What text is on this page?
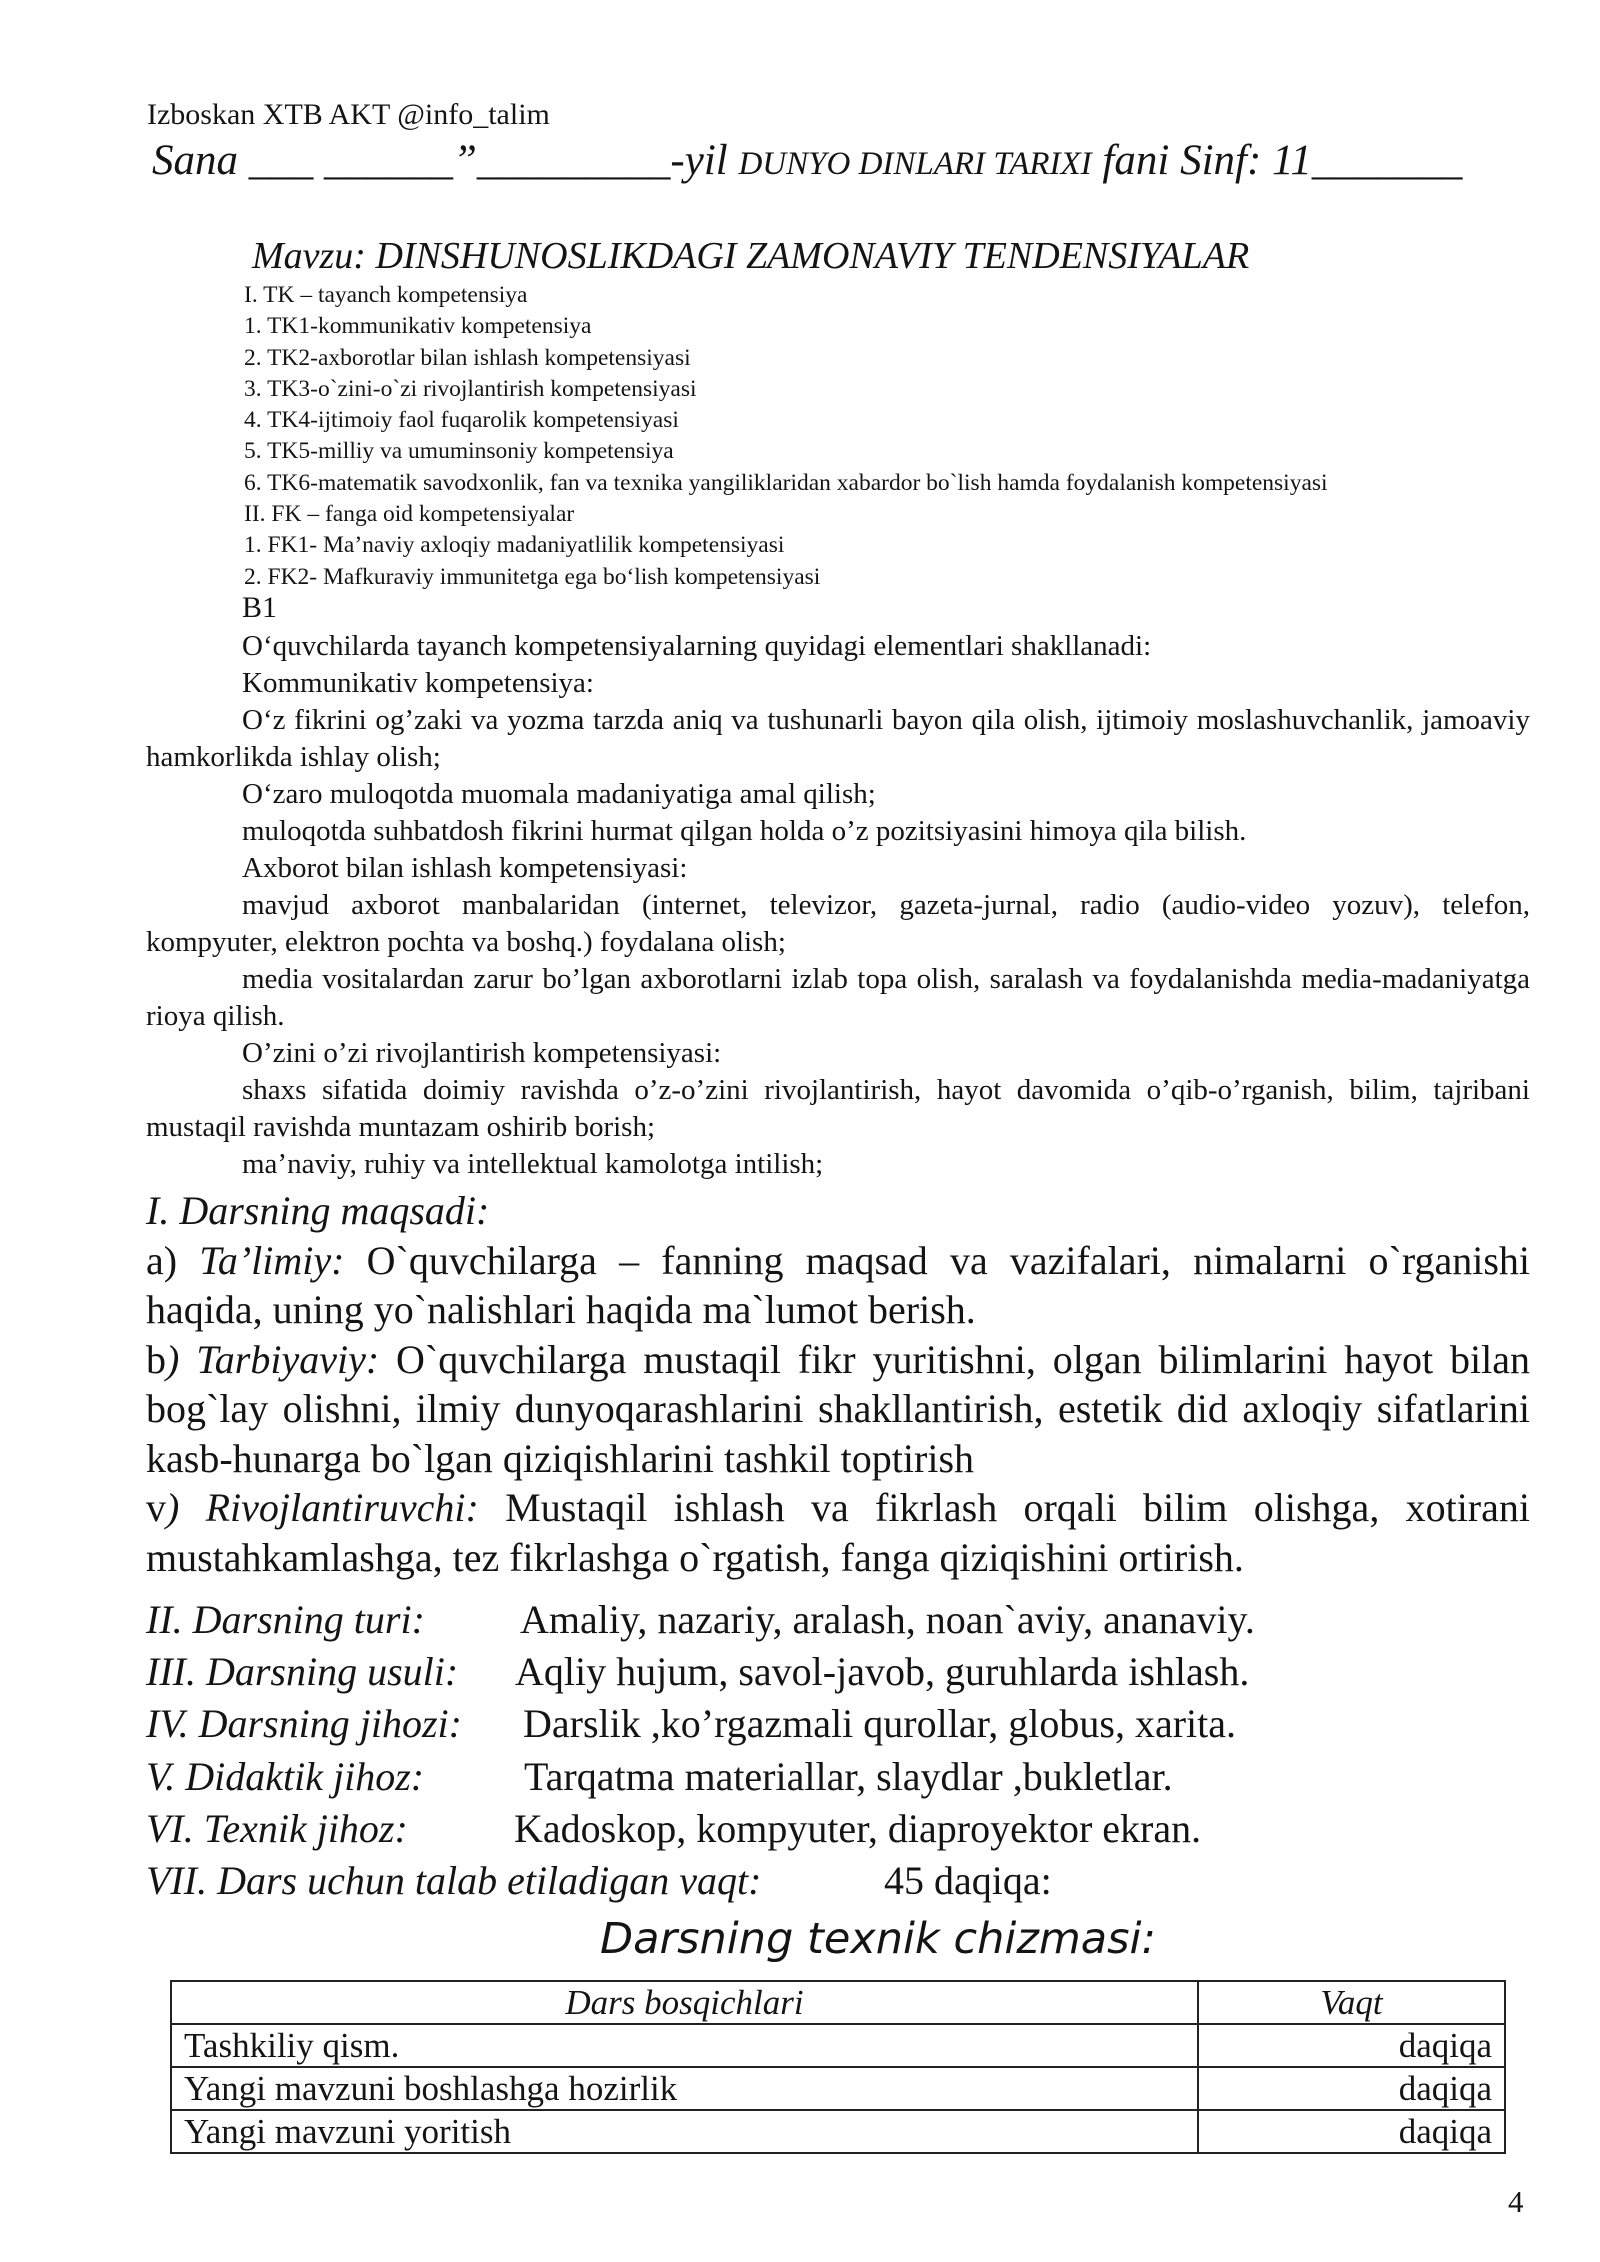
Izboskan XTB AKT @info_talim
Sana ___ ______”_________-yil DUNYO DINLARI TARIXI fani Sinf: 11_______
Mavzu: DINSHUNOSLIKDAGI ZAMONAVIY TENDENSIYALAR
I. TK – tayanch kompetensiya
1. TK1-kommunikativ kompetensiya
2. TK2-axborotlar bilan ishlash kompetensiyasi
3. TK3-o`zini-o`zi rivojlantirish kompetensiyasi
4. TK4-ijtimoiy faol fuqarolik kompetensiyasi
5. TK5-milliy va umuminsoniy kompetensiya
6. TK6-matematik savodxonlik, fan va texnika yangiliklaridan xabardor bo`lish hamda foydalanish kompetensiyasi
II. FK – fanga oid kompetensiyalar
1. FK1- Ma’naviy axloqiy madaniyatlilik kompetensiyasi
2. FK2- Mafkuraviy immunitetga ega bo‘lish kompetensiyasi
B1

O‘quvchilarda tayanch kompetensiyalarning quyidagi elementlari shakllanadi:

Kommunikativ kompetensiya:

O‘z fikrini og’zaki va yozma tarzda aniq va tushunarli bayon qila olish, ijtimoiy moslashuvchanlik, jamoaviy hamkorlikda ishlay olish;

O‘zaro muloqotda muomala madaniyatiga amal qilish;

muloqotda suhbatdosh fikrini hurmat qilgan holda o’z pozitsiyasini himoya qila bilish.

Axborot bilan ishlash kompetensiyasi:

mavjud axborot manbalaridan (internet, televizor, gazeta-jurnal, radio (audio-video yozuv), telefon, kompyuter, elektron pochta va boshq.) foydalana olish;

media vositalardan zarur bo’lgan axborotlarni izlab topa olish, saralash va foydalanishda media-madaniyatga rioya qilish.

O’zini o’zi rivojlantirish kompetensiyasi:

shaxs sifatida doimiy ravishda o’z-o’zini rivojlantirish, hayot davomida o’qib-o’rganish, bilim, tajribani mustaqil ravishda muntazam oshirib borish;

ma’naviy, ruhiy va intellektual kamolotga intilish;

I. Darsning maqsadi:

a) Ta’limiy: O`quvchilarga – fanning maqsad va vazifalari, nimalarni o`rganishi haqida, uning yo`nalishlari haqida ma`lumot berish.

b) Tarbiyaviy: O`quvchilarga mustaqil fikr yuritishni, olgan bilimlarini hayot bilan bog`lay olishni, ilmiy dunyoqarashlarini shakllantirish, estetik did axloqiy sifatlarini kasb-hunarga bo`lgan qiziqishlarini tashkil toptirish

v) Rivojlantiruvchi: Mustaqil ishlash va fikrlash orqali bilim olishga, xotirani mustahkamlashga, tez fikrlashga o`rgatish, fanga qiziqishini ortirish.

II. Darsning turi: Amaliy, nazariy, aralash, noan`aviy, ananaviy.
III. Darsning usuli: Aqliy hujum, savol-javob, guruhlarda ishlash.
IV. Darsning jihozi: Darslik ,ko’rgazmali qurollar, globus, xarita.
V. Didaktik jihoz: Tarqatma materiallar, slaydlar ,bukletlar.
VI. Texnik jihoz:	Kadoskop, kompyuter, diaproyektor ekran.
VII. Dars uchun talab etiladigan vaqt:	45 daqiqa:
Darsning texnik chizmasi:
Dars bosqichlari	Vaqt
Tashkiliy qism.	daqiqa
Yangi mavzuni boshlashga hozirlik	daqiqa
Yangi mavzuni yoritish	daqiqa
4
